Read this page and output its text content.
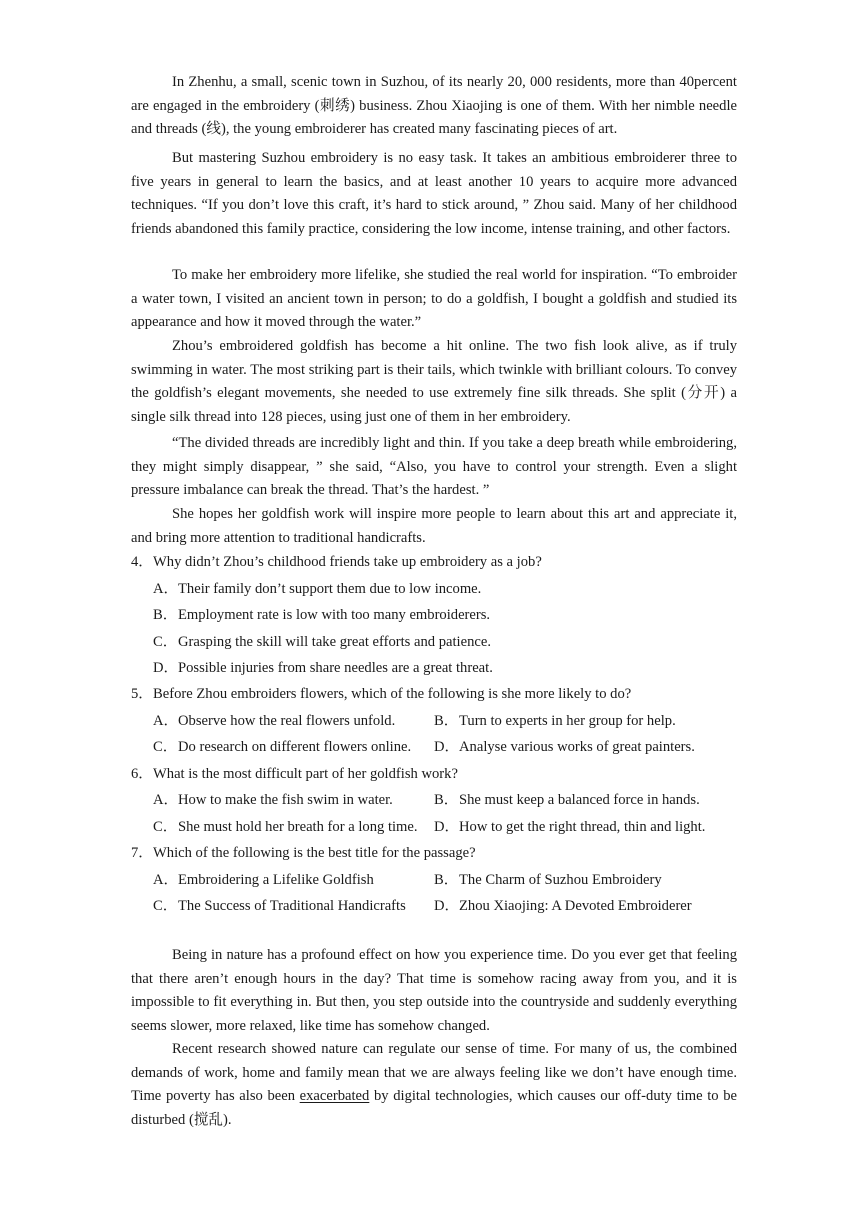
In Zhenhu, a small, scenic town in Suzhou, of its nearly 20, 000 residents, more than 40percent are engaged in the embroidery (刺绣) business. Zhou Xiaojing is one of them. With her nimble needle and threads (线), the young embroiderer has created many fascinating pieces of art.

But mastering Suzhou embroidery is no easy task. It takes an ambitious embroiderer three to five years in general to learn the basics, and at least another 10 years to acquire more advanced techniques. “If you don’t love this craft, it’s hard to stick around, ” Zhou said. Many of her childhood friends abandoned this family practice, considering the low income, intense training, and other factors.

To make her embroidery more lifelike, she studied the real world for inspiration. “To embroider a water town, I visited an ancient town in person; to do a goldfish, I bought a goldfish and studied its appearance and how it moved through the water.”

Zhou’s embroidered goldfish has become a hit online. The two fish look alive, as if truly swimming in water. The most striking part is their tails, which twinkle with brilliant colours. To convey the goldfish’s elegant movements, she needed to use extremely fine silk threads. She split (分开) a single silk thread into 128 pieces, using just one of them in her embroidery.

“The divided threads are incredibly light and thin. If you take a deep breath while embroidering, they might simply disappear, ” she said, “Also, you have to control your strength. Even a slight pressure imbalance can break the thread. That’s the hardest. ”

She hopes her goldfish work will inspire more people to learn about this art and appreciate it, and bring more attention to traditional handicrafts.

4．Why didn’t Zhou’s childhood friends take up embroidery as a job?

A．Their family don’t support them due to low income.

B．Employment rate is low with too many embroiderers.

C．Grasping the skill will take great efforts and patience.

D．Possible injuries from share needles are a great threat.

5．Before Zhou embroiders flowers, which of the following is she more likely to do?

A．Observe how the real flowers unfold.	B．Turn to experts in her group for help.

C．Do research on different flowers online. D．Analyse various works of great painters.

6．What is the most difficult part of her goldfish work?

A．How to make the fish swim in water.	B．She must keep a balanced force in hands.

C．She must hold her breath for a long time. D．How to get the right thread, thin and light.

7．Which of the following is the best title for the passage?

A．Embroidering a Lifelike Goldfish	B．The Charm of Suzhou Embroidery

C．The Success of Traditional Handicrafts D．Zhou Xiaojing: A Devoted Embroiderer

Being in nature has a profound effect on how you experience time. Do you ever get that feeling that there aren’t enough hours in the day? That time is somehow racing away from you, and it is impossible to fit everything in. But then, you step outside into the countryside and suddenly everything seems slower, more relaxed, like time has somehow changed.

Recent research showed nature can regulate our sense of time. For many of us, the combined demands of work, home and family mean that we are always feeling like we don’t have enough time. Time poverty has also been exacerbated by digital technologies, which causes our off-duty time to be disturbed (搅乱).
